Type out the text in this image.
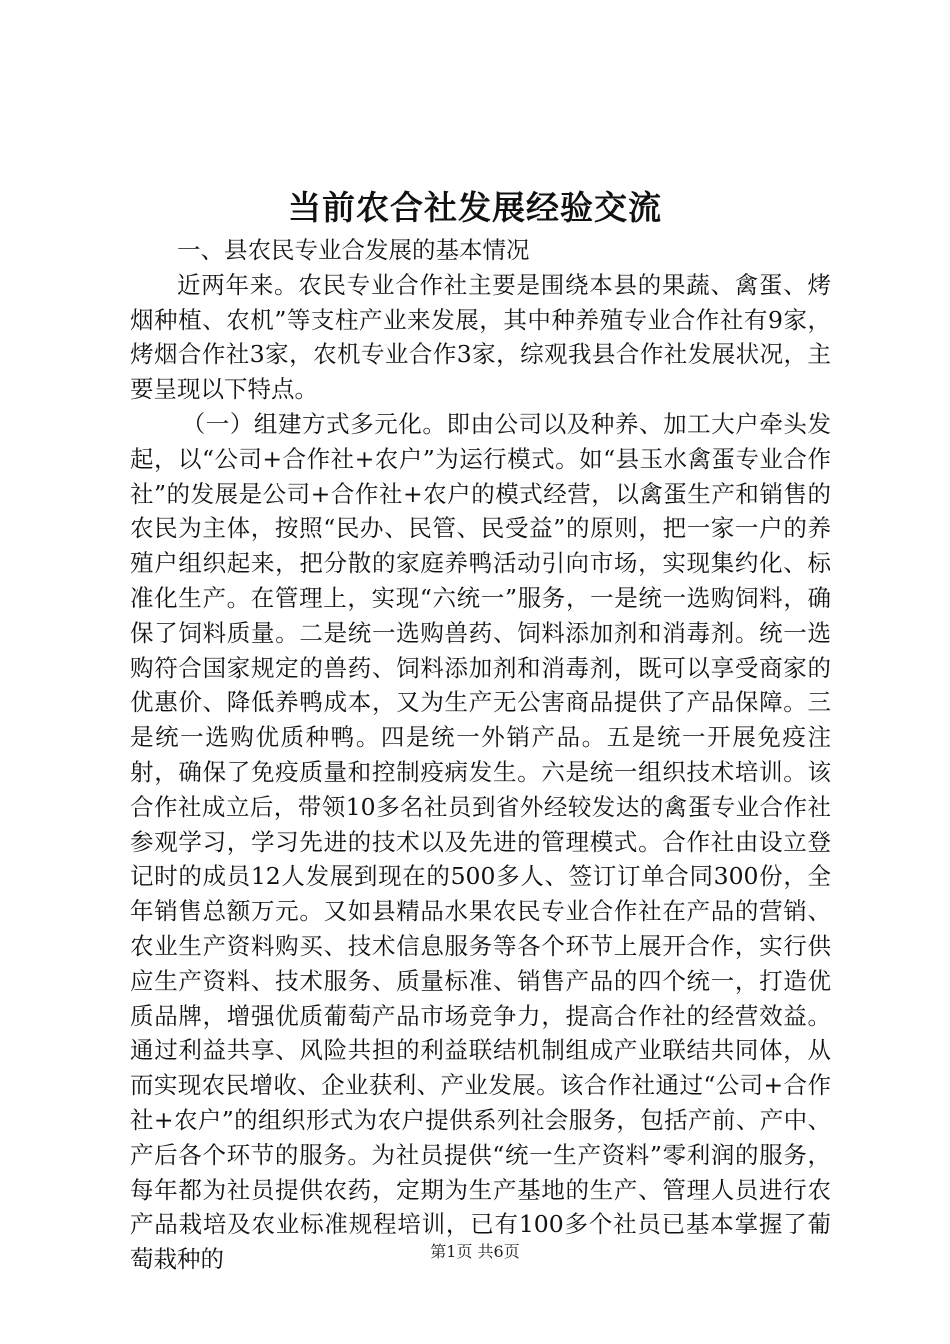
当前农合社发展经验交流

一、县农民专业合发展的基本情况

近两年来。农民专业合作社主要是围绕本县的果蔬、禽蛋、烤烟种植、农机”等支柱产业来发展，其中种养殖专业合作社有9家，烤烟合作社3家，农机专业合作3家，综观我县合作社发展状况，主要呈现以下特点。

（一）组建方式多元化。即由公司以及种养、加工大户牵头发起，以“公司+合作社+农户”为运行模式。如“县玉水禽蛋专业合作社”的发展是公司+合作社+农户的模式经营，以禽蛋生产和销售的农民为主体，按照“民办、民管、民受益”的原则，把一家一户的养殖户组织起来，把分散的家庭养鸭活动引向市场，实现集约化、标准化生产。在管理上，实现“六统一”服务，一是统一选购饲料，确保了饲料质量。二是统一选购兽药、饲料添加剂和消毒剂。统一选购符合国家规定的兽药、饲料添加剂和消毒剂，既可以享受商家的优惠价、降低养鸭成本，又为生产无公害商品提供了产品保障。三是统一选购优质种鸭。四是统一外销产品。五是统一开展免疫注射，确保了免疫质量和控制疫病发生。六是统一组织技术培训。该合作社成立后，带领10多名社员到省外经较发达的禽蛋专业合作社参观学习，学习先进的技术以及先进的管理模式。合作社由设立登记时的成员12人发展到现在的500多人、签订订单合同300份，全年销售总额万元。又如县精品水果农民专业合作社在产品的营销、农业生产资料购买、技术信息服务等各个环节上展开合作，实行供应生产资料、技术服务、质量标准、销售产品的四个统一，打造优质品牌，增强优质葡萄产品市场竞争力，提高合作社的经营效益。通过利益共享、风险共担的利益联结机制组成产业联结共同体，从而实现农民增收、企业获利、产业发展。该合作社通过“公司+合作社+农户”的组织形式为农户提供系列社会服务，包括产前、产中、产后各个环节的服务。为社员提供“统一生产资料”零利润的服务，每年都为社员提供农药，定期为生产基地的生产、管理人员进行农产品栽培及农业标准规程培训，已有100多个社员已基本掌握了葡萄栽种的	第1页 共6页
